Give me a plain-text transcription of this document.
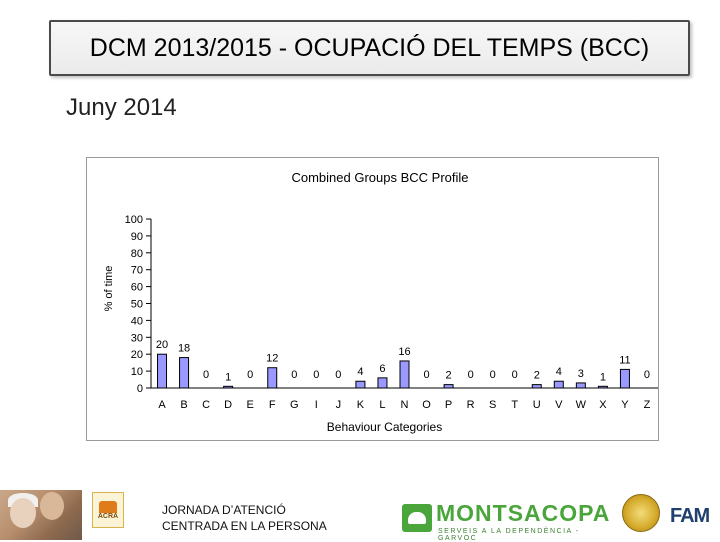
DCM 2013/2015 - OCUPACIÓ DEL TEMPS (BCC)
Juny 2014
Combined Groups BCC Profile
0
10
20
30
40
50
60
70
80
90
100
% of time
20
A
18
B
0
C
1
D
0
E
12
F
0
G
0
I
0
J
4
K
6
L
16
N
0
O
2
P
0
R
0
S
0
T
2
U
4
V
3
W
1
X
11
Y
0
Z
Behaviour Categories
ACRA	JORNADA D’ATENCIÓ
CENTRADA EN LA PERSONA	MONTSACOPA
SERVEIS A LA DEPENDÈNCIA - GARVOC
FAM
